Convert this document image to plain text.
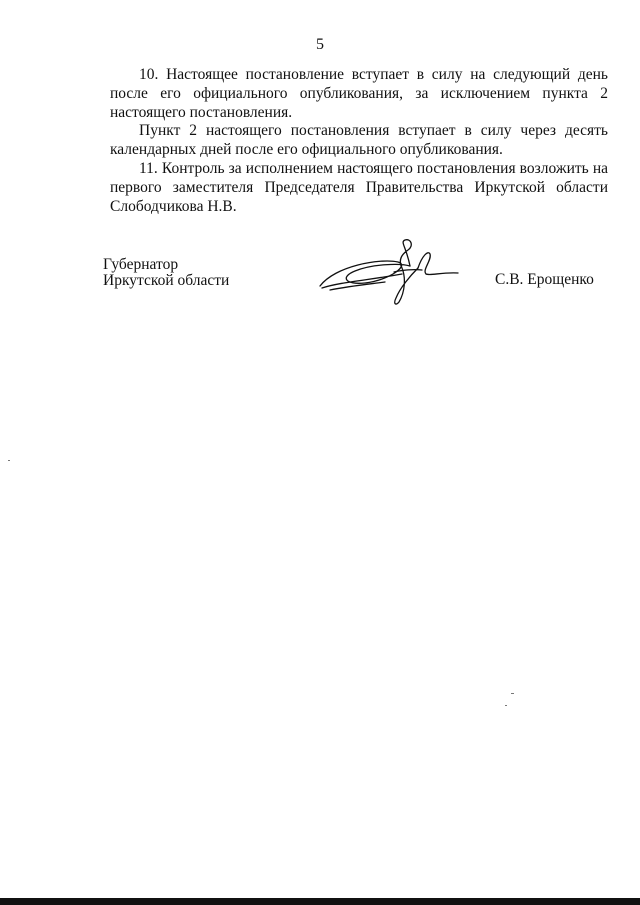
5

10. Настоящее постановление вступает в силу на следующий день после его официального опубликования, за исключением пункта 2 настоящего постановления.

Пункт 2 настоящего постановления вступает в силу через десять календарных дней после его официального опубликования.

11. Контроль за исполнением настоящего постановления возложить на первого заместителя Председателя Правительства Иркутской области Слободчикова Н.В.

Губернатор
Иркутской области	С.В. Ерощенко
